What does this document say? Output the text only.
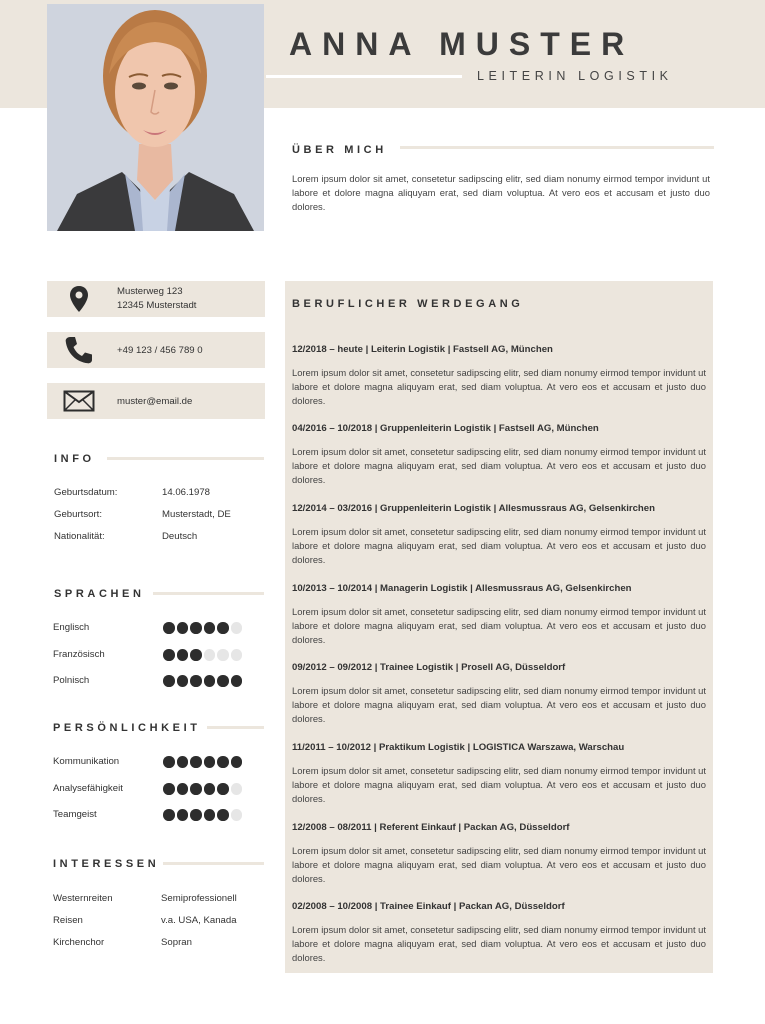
ANNA MUSTER
LEITERIN LOGISTIK
ÜBER MICH
Lorem ipsum dolor sit amet, consetetur sadipscing elitr, sed diam nonumy eirmod tempor invidunt ut labore et dolore magna aliquyam erat, sed diam voluptua. At vero eos et accusam et justo duo dolores.
Musterweg 123
12345 Musterstadt
+49 123 / 456 789 0
muster@email.de
INFO
Geburtsdatum:	14.06.1978
Geburtsort:	Musterstadt, DE
Nationalität:	Deutsch
SPRACHEN
Englisch
Französisch
Polnisch
PERSÖNLICHKEIT
Kommunikation
Analysefähigkeit
Teamgeist
INTERESSEN
Westernreiten	Semiprofessionell
Reisen	v.a. USA, Kanada
Kirchenchor	Sopran
BERUFLICHER WERDEGANG
12/2018 – heute | Leiterin Logistik | Fastsell AG, München
Lorem ipsum dolor sit amet, consetetur sadipscing elitr, sed diam nonumy eirmod tempor invidunt ut labore et dolore magna aliquyam erat, sed diam voluptua. At vero eos et accusam et justo duo dolores.
04/2016 – 10/2018 | Gruppenleiterin Logistik | Fastsell AG, München
Lorem ipsum dolor sit amet, consetetur sadipscing elitr, sed diam nonumy eirmod tempor invidunt ut labore et dolore magna aliquyam erat, sed diam voluptua. At vero eos et accusam et justo duo dolores.
12/2014 – 03/2016 | Gruppenleiterin Logistik | Allesmussraus AG, Gelsenkirchen
Lorem ipsum dolor sit amet, consetetur sadipscing elitr, sed diam nonumy eirmod tempor invidunt ut labore et dolore magna aliquyam erat, sed diam voluptua. At vero eos et accusam et justo duo dolores.
10/2013 – 10/2014 | Managerin Logistik | Allesmussraus AG, Gelsenkirchen
Lorem ipsum dolor sit amet, consetetur sadipscing elitr, sed diam nonumy eirmod tempor invidunt ut labore et dolore magna aliquyam erat, sed diam voluptua. At vero eos et accusam et justo duo dolores.
09/2012 – 09/2012 | Trainee Logistik | Prosell AG, Düsseldorf
Lorem ipsum dolor sit amet, consetetur sadipscing elitr, sed diam nonumy eirmod tempor invidunt ut labore et dolore magna aliquyam erat, sed diam voluptua. At vero eos et accusam et justo duo dolores.
11/2011 – 10/2012 | Praktikum Logistik | LOGISTICA Warszawa, Warschau
Lorem ipsum dolor sit amet, consetetur sadipscing elitr, sed diam nonumy eirmod tempor invidunt ut labore et dolore magna aliquyam erat, sed diam voluptua. At vero eos et accusam et justo duo dolores.
12/2008 – 08/2011 | Referent Einkauf | Packan AG, Düsseldorf
Lorem ipsum dolor sit amet, consetetur sadipscing elitr, sed diam nonumy eirmod tempor invidunt ut labore et dolore magna aliquyam erat, sed diam voluptua. At vero eos et accusam et justo duo dolores.
02/2008 – 10/2008 | Trainee Einkauf | Packan AG, Düsseldorf
Lorem ipsum dolor sit amet, consetetur sadipscing elitr, sed diam nonumy eirmod tempor invidunt ut labore et dolore magna aliquyam erat, sed diam voluptua. At vero eos et accusam et justo duo dolores.
